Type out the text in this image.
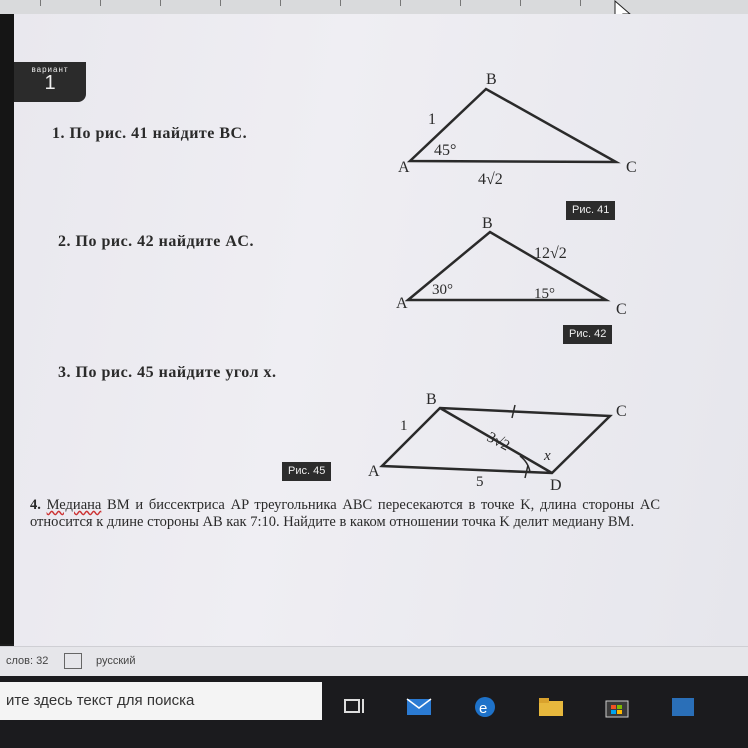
вариант
1
1. По рис. 41 найдите BC.
2. По рис. 42 найдите AC.
3. По рис. 45 найдите угол x.
A
B
C
1
45°
4√2
Рис. 41
A
B
C
12√2
30°	15°
Рис. 42
A
B
C
D
1
3√2
x
5
Рис. 45
4. Медиана BM и биссектриса AP треугольника ABC пересекаются в точке K, длина стороны AC относится к длине стороны AB как 7:10. Найдите в каком отношении точка K делит медиану BM.
слов: 32	русский
ите здесь текст для поиска	e
